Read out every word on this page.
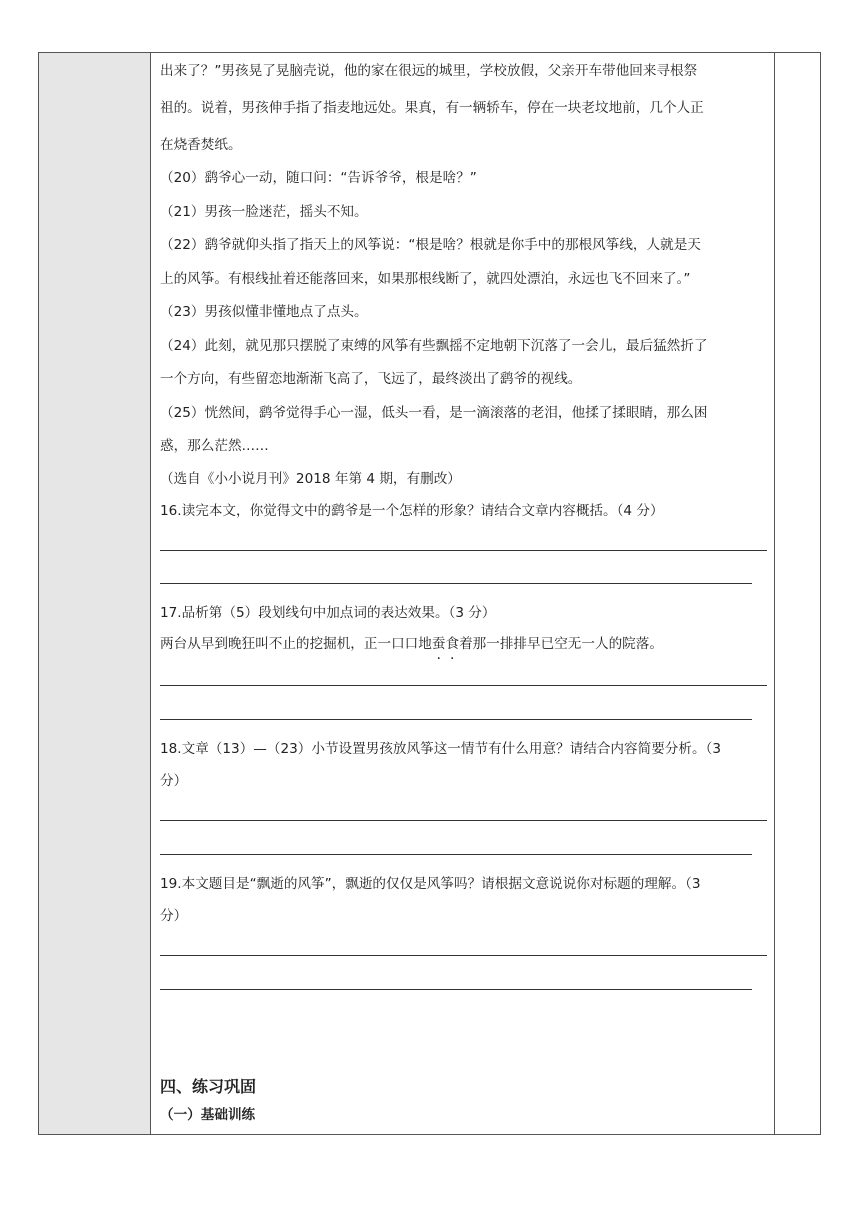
出来了？”男孩晃了晃脑壳说，他的家在很远的城里，学校放假，父亲开车带他回来寻根祭
祖的。说着，男孩伸手指了指麦地远处。果真，有一辆轿车，停在一块老坟地前，几个人正
在烧香焚纸。
（20）鹞爷心一动，随口问：“告诉爷爷，根是啥？”
（21）男孩一脸迷茫，摇头不知。
（22）鹞爷就仰头指了指天上的风筝说：“根是啥？根就是你手中的那根风筝线，人就是天
上的风筝。有根线扯着还能落回来，如果那根线断了，就四处漂泊，永远也飞不回来了。”
（23）男孩似懂非懂地点了点头。
（24）此刻，就见那只摆脱了束缚的风筝有些飘摇不定地朝下沉落了一会儿，最后猛然折了
一个方向，有些留恋地渐渐飞高了，飞远了，最终淡出了鹞爷的视线。
（25）恍然间，鹞爷觉得手心一湿，低头一看，是一滴滚落的老泪，他揉了揉眼睛，那么困
惑，那么茫然……
（选自《小小说月刊》2018 年第 4 期，有删改）
16.读完本文，你觉得文中的鹞爷是一个怎样的形象？请结合文章内容概括。（4 分）
17.品析第（5）段划线句中加点词的表达效果。（3 分）
两台从早到晚狂叫不止的挖掘机，正一口口地蚕食着那一排排早已空无一人的院落。
18.文章（13）—（23）小节设置男孩放风筝这一情节有什么用意？请结合内容简要分析。（3
分）
19.本文题目是“飘逝的风筝”，飘逝的仅仅是风筝吗？请根据文意说说你对标题的理解。（3
分）
四、练习巩固
（一）基础训练
